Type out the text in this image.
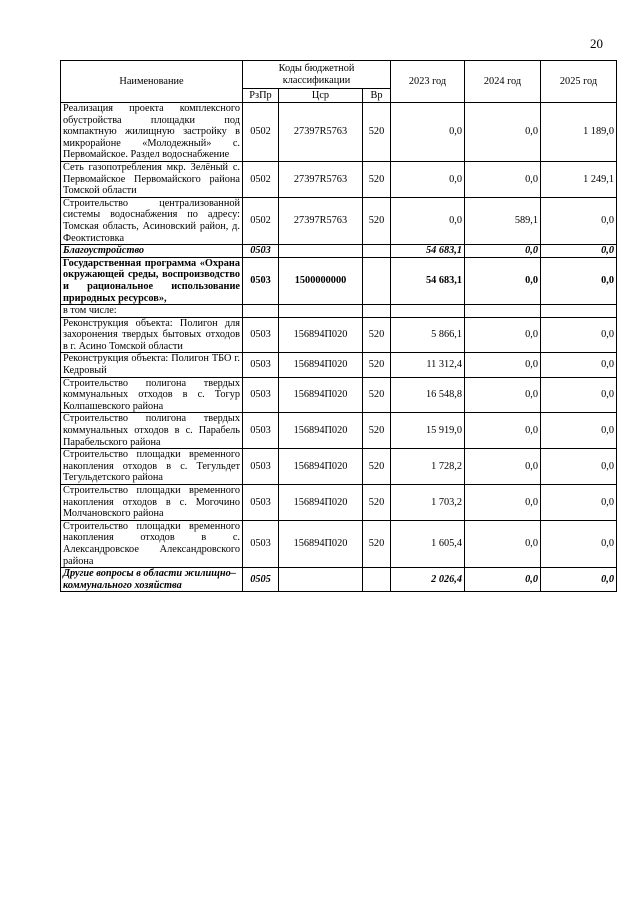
20
Наименование	Коды бюджетной классификации			2023 год	2024 год	2025 год
	РзПр	Цср	Вр			
Реализация проекта комплексного обустройства площадки под компактную жилищную застройку в микрорайоне «Молодежный» с. Первомайское. Раздел водоснабжение	0502	27397R5763	520	0,0	0,0	1 189,0
Сеть газопотребления мкр. Зелёный с. Первомайское Первомайского района Томской области	0502	27397R5763	520	0,0	0,0	1 249,1
Строительство централизованной системы водоснабжения по адресу: Томская область, Асиновский район, д. Феоктистовка	0502	27397R5763	520	0,0	589,1	0,0
Благоустройство	0503			54 683,1	0,0	0,0
Государственная программа «Охрана окружающей среды, воспроизводство и рациональное использование природных ресурсов»,	0503	1500000000		54 683,1	0,0	0,0
в том числе:						
Реконструкция объекта: Полигон для захоронения твердых бытовых отходов в г. Асино Томской области	0503	156894П020	520	5 866,1	0,0	0,0
Реконструкция объекта: Полигон ТБО г. Кедровый	0503	156894П020	520	11 312,4	0,0	0,0
Строительство полигона твердых коммунальных отходов в с. Тогур Колпашевского района	0503	156894П020	520	16 548,8	0,0	0,0
Строительство полигона твердых коммунальных отходов в с. Парабель Парабельского района	0503	156894П020	520	15 919,0	0,0	0,0
Строительство площадки временного накопления отходов в с. Тегульдет Тегульдетского района	0503	156894П020	520	1 728,2	0,0	0,0
Строительство площадки временного накопления отходов в с. Могочино Молчановского района	0503	156894П020	520	1 703,2	0,0	0,0
Строительство площадки временного накопления отходов в с. Александровское Александровского района	0503	156894П020	520	1 605,4	0,0	0,0
Другие вопросы в области жилищно–коммунального хозяйства	0505			2 026,4	0,0	0,0
